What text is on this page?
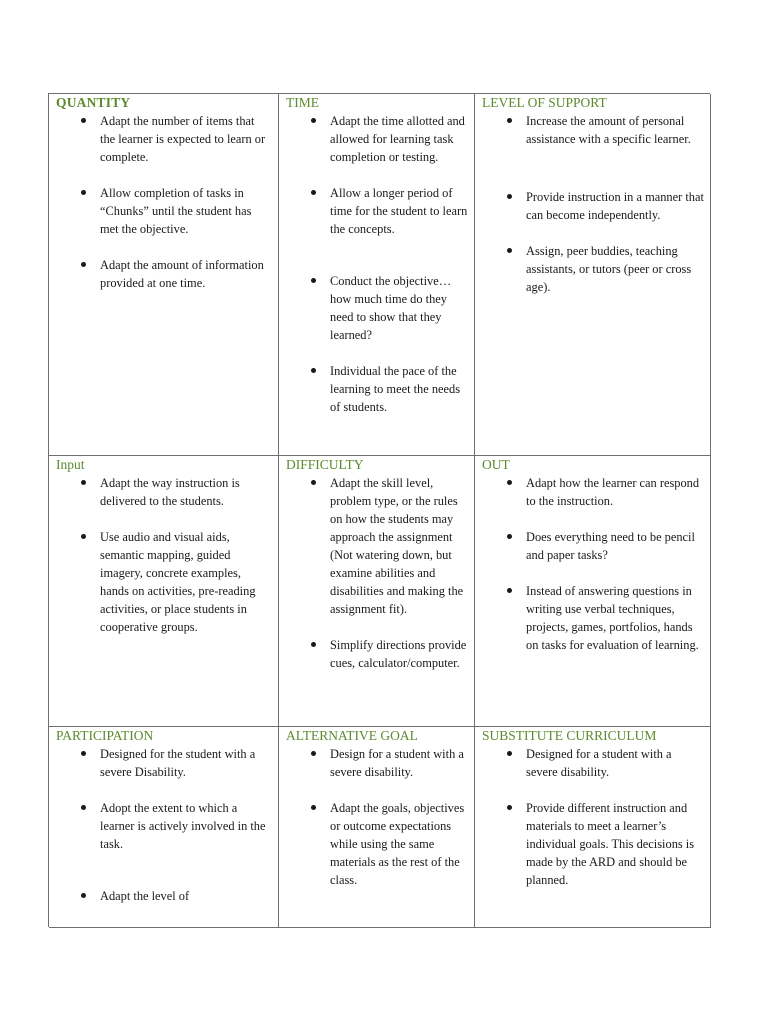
QUANTITY

Adapt the number of items that the learner is expected to learn or complete.
Allow completion of tasks in “Chunks” until the student has met the objective.
Adapt the amount of information provided at one time.

TIME

Adapt the time allotted and allowed for learning task completion or testing.
Allow a longer period of time for the student to learn the concepts.
Conduct the objective… how much time do they need to show that they learned?
Individual the pace of the learning to meet the needs of students.

LEVEL OF SUPPORT

Increase the amount of personal assistance with a specific learner.
Provide instruction in a manner that can become independently.
Assign, peer buddies, teaching assistants, or tutors (peer or cross age).

Input

Adapt the way instruction is delivered to the students.
Use audio and visual aids, semantic mapping, guided imagery, concrete examples, hands on activities, pre-reading activities, or place students in cooperative groups.

DIFFICULTY

Adapt the skill level, problem type, or the rules on how the students may approach the assignment (Not watering down, but examine abilities and disabilities and making the assignment fit).
Simplify directions provide cues, calculator/computer.

OUT

Adapt how the learner can respond to the instruction.
Does everything need to be pencil and paper tasks?
Instead of answering questions in writing use verbal techniques, projects, games, portfolios, hands on tasks for evaluation of learning.

PARTICIPATION

Designed for the student with a severe Disability.
Adopt the extent to which a learner is actively involved in the task.
Adapt the level of

ALTERNATIVE GOAL

Design for a student with a severe disability.
Adapt the goals, objectives or outcome expectations while using the same materials as the rest of the class.

SUBSTITUTE CURRICULUM

Designed for a student with a severe disability.
Provide different instruction and materials to meet a learner’s individual goals. This decisions is made by the ARD and should be planned.
